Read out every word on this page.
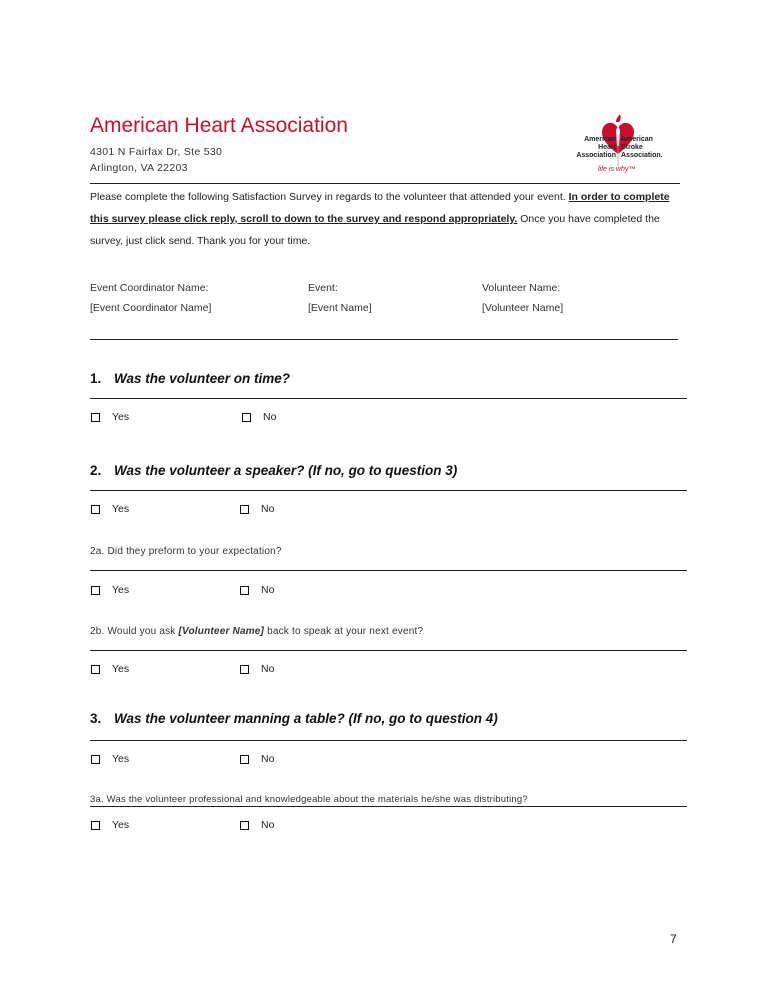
American Heart Association
4301 N Fairfax Dr, Ste 530
Arlington, VA 22203
American
Heart
Association
American
Stroke
Association.
life is why™
Please complete the following Satisfaction Survey in regards to the volunteer that attended your event. In order to complete this survey please click reply, scroll to down to the survey and respond appropriately. Once you have completed the survey, just click send. Thank you for your time.
Event Coordinator Name:
[Event Coordinator Name]
Event:
[Event Name]
Volunteer Name:
[Volunteer Name]
1. Was the volunteer on time?
Yes	No
2. Was the volunteer a speaker? (If no, go to question 3)
Yes	No
2a. Did they preform to your expectation?
Yes	No
2b. Would you ask [Volunteer Name] back to speak at your next event?
Yes	No
3. Was the volunteer manning a table? (If no, go to question 4)
Yes	No
3a. Was the volunteer professional and knowledgeable about the materials he/she was distributing?
Yes	No
7
